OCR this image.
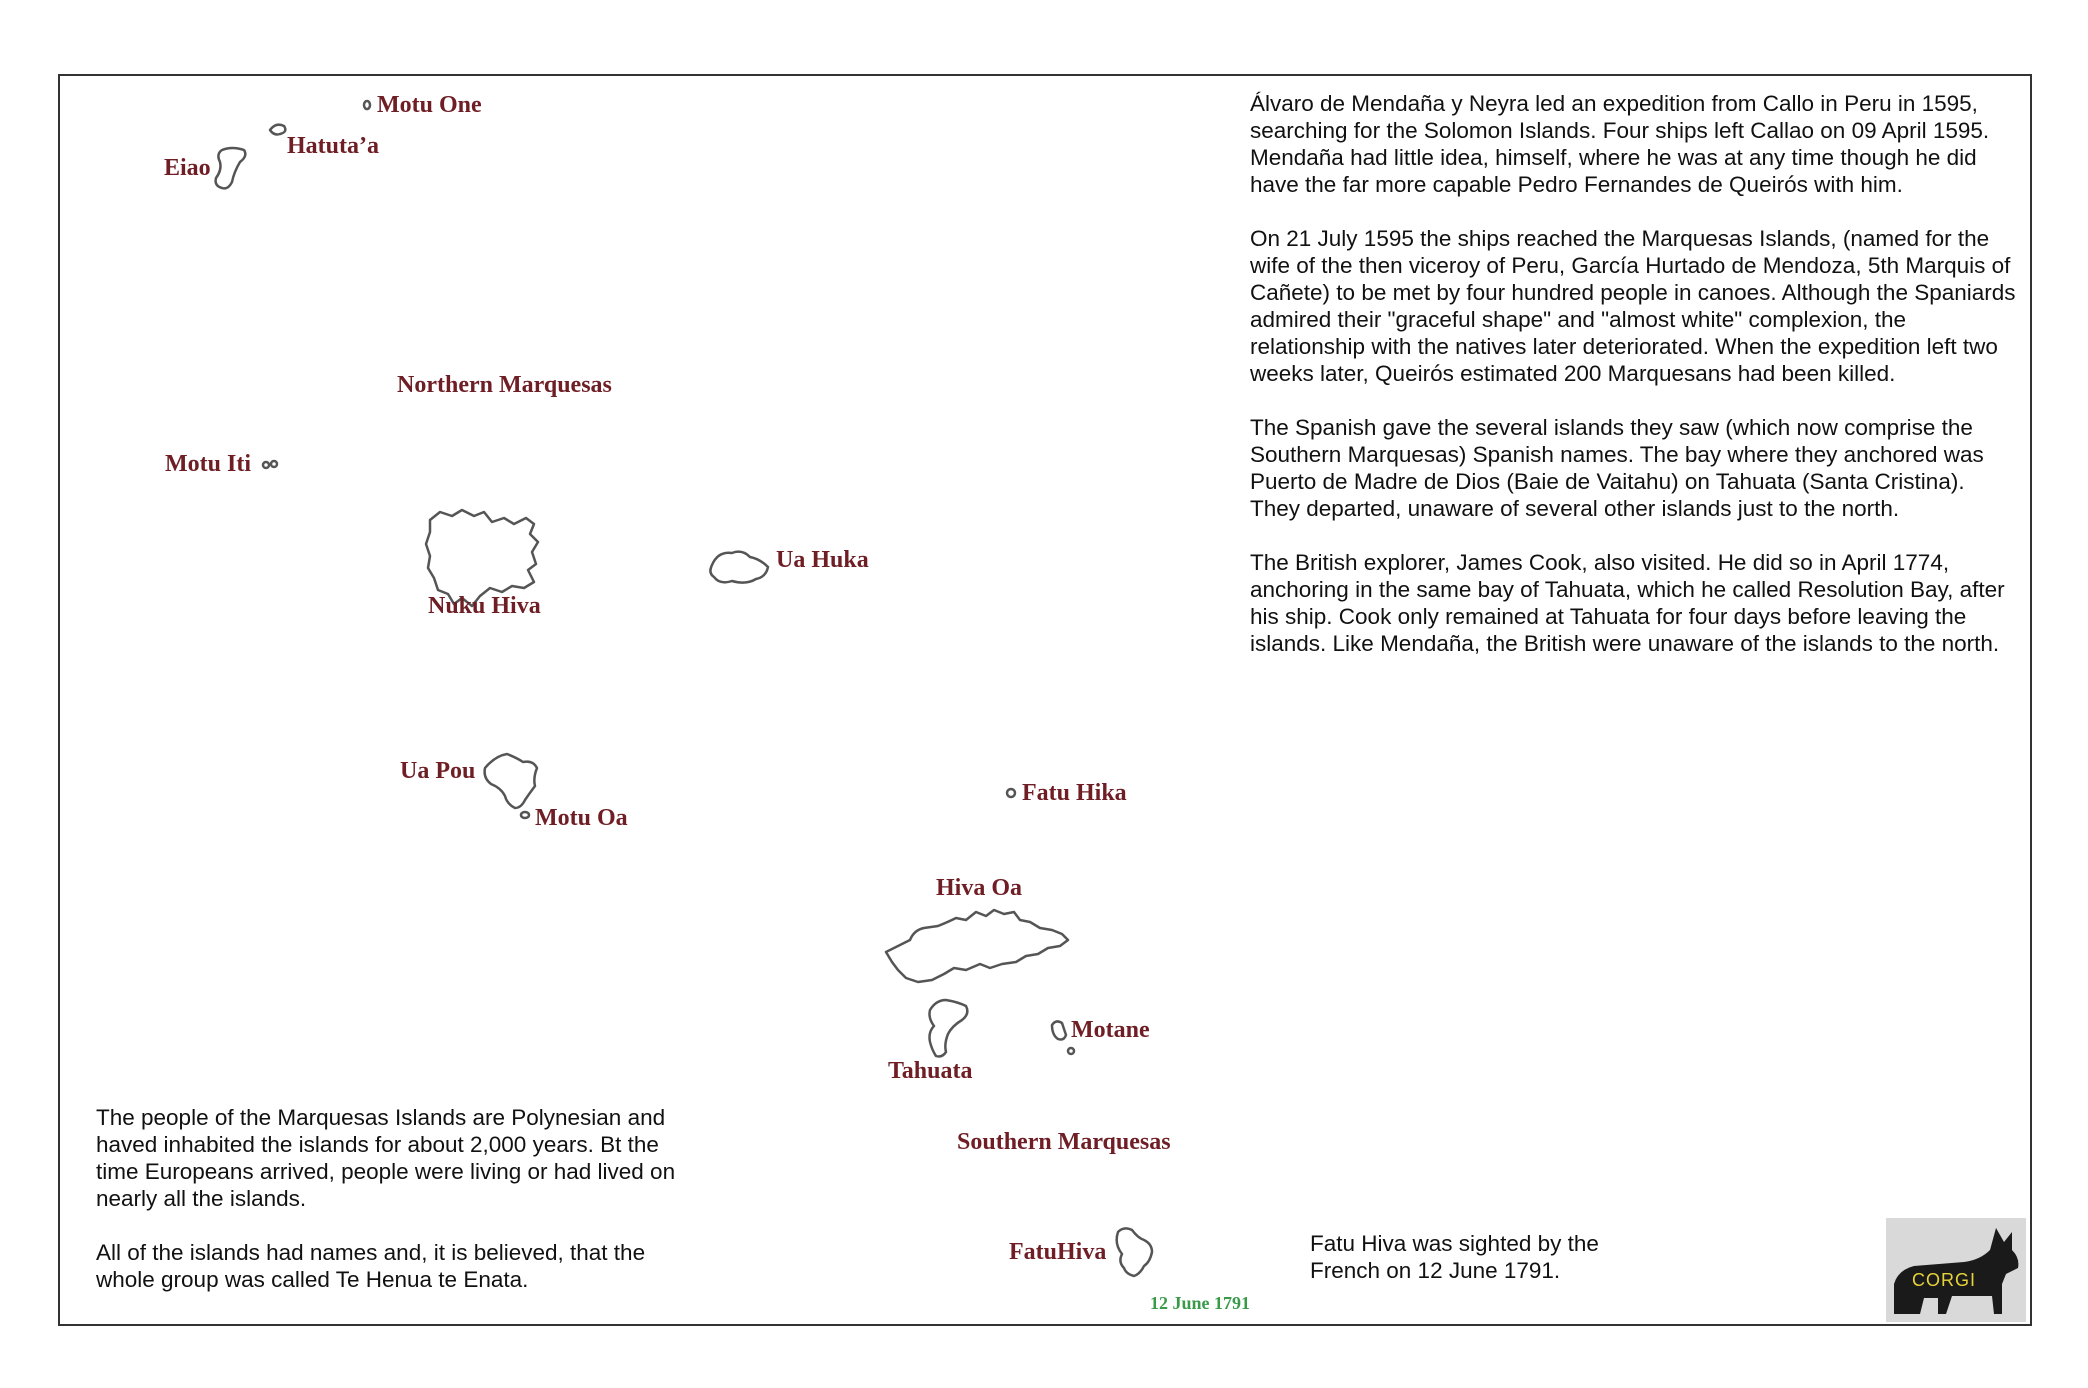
Motu One
Hatuta’a
Eiao
Northern Marquesas
Motu Iti
Nuku Hiva
Ua Huka
Ua Pou
Motu Oa
Fatu Hika
Hiva Oa
Tahuata
Motane
Southern Marquesas
FatuHiva
12 June 1791

Álvaro de Mendaña y Neyra led an expedition from Callo in Peru in 1595, searching for the Solomon Islands. Four ships left Callao on 09 April 1595. Mendaña had little idea, himself, where he was at any time though he did have the far more capable Pedro Fernandes de Queirós with him.

On 21 July 1595 the ships reached the Marquesas Islands, (named for the wife of the then viceroy of Peru, García Hurtado de Mendoza, 5th Marquis of Cañete) to be met by four hundred people in canoes. Although the Spaniards admired their "graceful shape" and "almost white" complexion, the relationship with the natives later deteriorated. When the expedition left two weeks later, Queirós estimated 200 Marquesans had been killed.

The Spanish gave the several islands they saw (which now comprise the Southern Marquesas) Spanish names. The bay where they anchored was Puerto de Madre de Dios (Baie de Vaitahu) on Tahuata (Santa Cristina). They departed, unaware of several other islands just to the north.

The British explorer, James Cook, also visited. He did so in April 1774, anchoring in the same bay of Tahuata, which he called Resolution Bay, after his ship. Cook only remained at Tahuata for four days before leaving the islands. Like Mendaña, the British were unaware of the islands to the north.

The people of the Marquesas Islands are Polynesian and haved inhabited the islands for about 2,000 years. Bt the time Europeans arrived, people were living or had lived on nearly all the islands.

All of the islands had names and, it is believed, that the whole group was called Te Henua te Enata.

Fatu Hiva was sighted by the French on 12 June 1791.	CORGI
